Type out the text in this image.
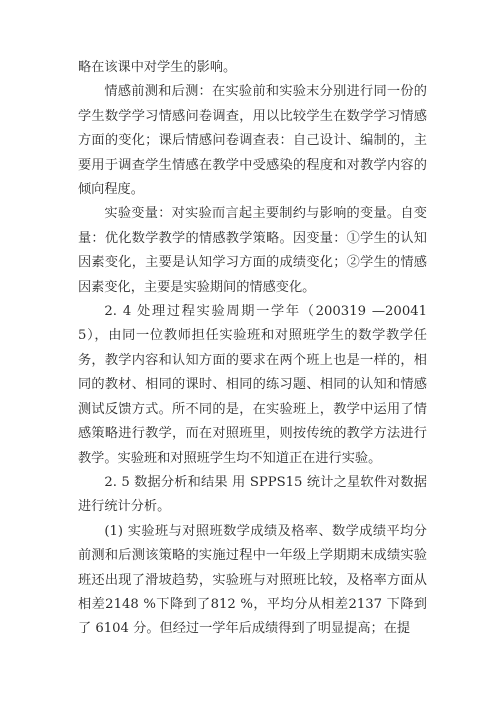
略在该课中对学生的影响。

情感前测和后测：在实验前和实验末分别进行同一份的学生数学学习情感问卷调查，用以比较学生在数学学习情感方面的变化；课后情感问卷调查表：自己设计、编制的，主要用于调查学生情感在教学中受感染的程度和对教学内容的倾向程度。

实验变量：对实验而言起主要制约与影响的变量。自变量：优化数学教学的情感教学策略。因变量：①学生的认知因素变化，主要是认知学习方面的成绩变化；②学生的情感因素变化，主要是实验期间的情感变化。

2. 4 处理过程实验周期一学年（200319 —200415），由同一位教师担任实验班和对照班学生的数学教学任务，教学内容和认知方面的要求在两个班上也是一样的，相同的教材、相同的课时、相同的练习题、相同的认知和情感测试反馈方式。所不同的是，在实验班上，教学中运用了情感策略进行教学，而在对照班里，则按传统的教学方法进行教学。实验班和对照班学生均不知道正在进行实验。

2. 5 数据分析和结果 用 SPPS15 统计之星软件对数据进行统计分析。

(1) 实验班与对照班数学成绩及格率、数学成绩平均分前测和后测该策略的实施过程中一年级上学期期末成绩实验班还出现了滑坡趋势，实验班与对照班比较，及格率方面从相差2148 %下降到了812 %，平均分从相差2137 下降到了 6104 分。但经过一学年后成绩得到了明显提高；在提
